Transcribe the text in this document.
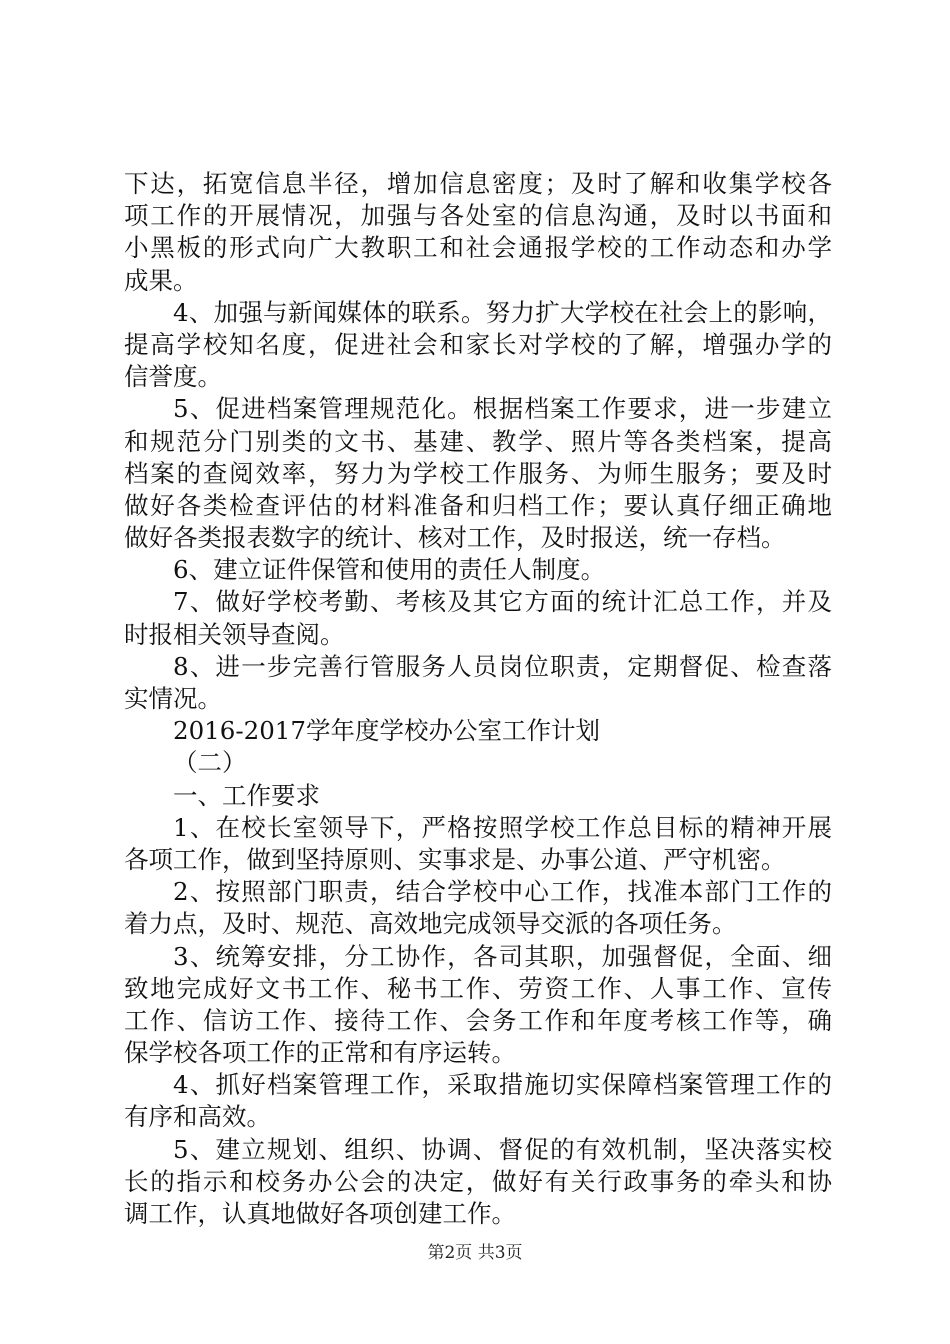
下达，拓宽信息半径，增加信息密度；及时了解和收集学校各
项工作的开展情况，加强与各处室的信息沟通，及时以书面和
小黑板的形式向广大教职工和社会通报学校的工作动态和办学
成果。
4、加强与新闻媒体的联系。努力扩大学校在社会上的影响，
提高学校知名度，促进社会和家长对学校的了解，增强办学的
信誉度。
5、促进档案管理规范化。根据档案工作要求，进一步建立
和规范分门别类的文书、基建、教学、照片等各类档案，提高
档案的查阅效率，努力为学校工作服务、为师生服务；要及时
做好各类检查评估的材料准备和归档工作；要认真仔细正确地
做好各类报表数字的统计、核对工作，及时报送，统一存档。
6、建立证件保管和使用的责任人制度。
7、做好学校考勤、考核及其它方面的统计汇总工作，并及
时报相关领导查阅。
8、进一步完善行管服务人员岗位职责，定期督促、检查落
实情况。
2016-2017学年度学校办公室工作计划
（二）
一、工作要求
1、在校长室领导下，严格按照学校工作总目标的精神开展
各项工作，做到坚持原则、实事求是、办事公道、严守机密。
2、按照部门职责，结合学校中心工作，找准本部门工作的
着力点，及时、规范、高效地完成领导交派的各项任务。
3、统筹安排，分工协作，各司其职，加强督促，全面、细
致地完成好文书工作、秘书工作、劳资工作、人事工作、宣传
工作、信访工作、接待工作、会务工作和年度考核工作等，确
保学校各项工作的正常和有序运转。
4、抓好档案管理工作，采取措施切实保障档案管理工作的
有序和高效。
5、建立规划、组织、协调、督促的有效机制，坚决落实校
长的指示和校务办公会的决定，做好有关行政事务的牵头和协
调工作，认真地做好各项创建工作。
第2页 共3页
